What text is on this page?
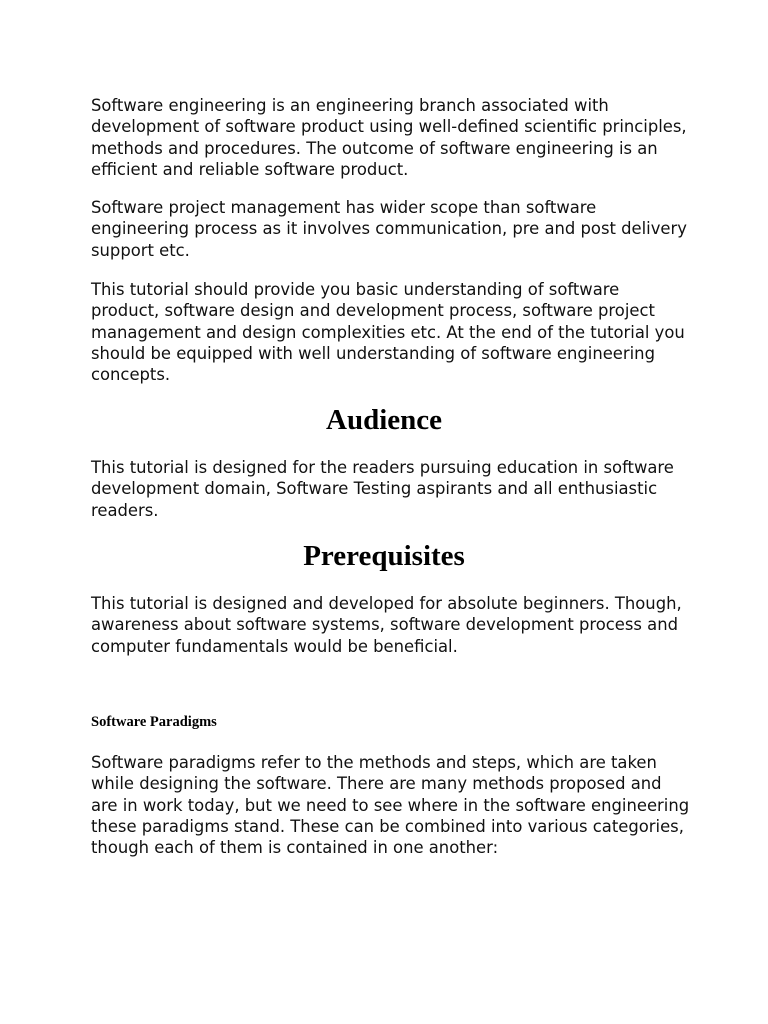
Software engineering is an engineering branch associated with development of software product using well-defined scientific principles, methods and procedures. The outcome of software engineering is an efficient and reliable software product.

Software project management has wider scope than software engineering process as it involves communication, pre and post delivery support etc.

This tutorial should provide you basic understanding of software product, software design and development process, software project management and design complexities etc. At the end of the tutorial you should be equipped with well understanding of software engineering concepts.

Audience

This tutorial is designed for the readers pursuing education in software development domain, Software Testing aspirants and all enthusiastic readers.

Prerequisites

This tutorial is designed and developed for absolute beginners. Though, awareness about software systems, software development process and computer fundamentals would be beneficial.

Software Paradigms

Software paradigms refer to the methods and steps, which are taken while designing the software. There are many methods proposed and are in work today, but we need to see where in the software engineering these paradigms stand. These can be combined into various categories, though each of them is contained in one another:
